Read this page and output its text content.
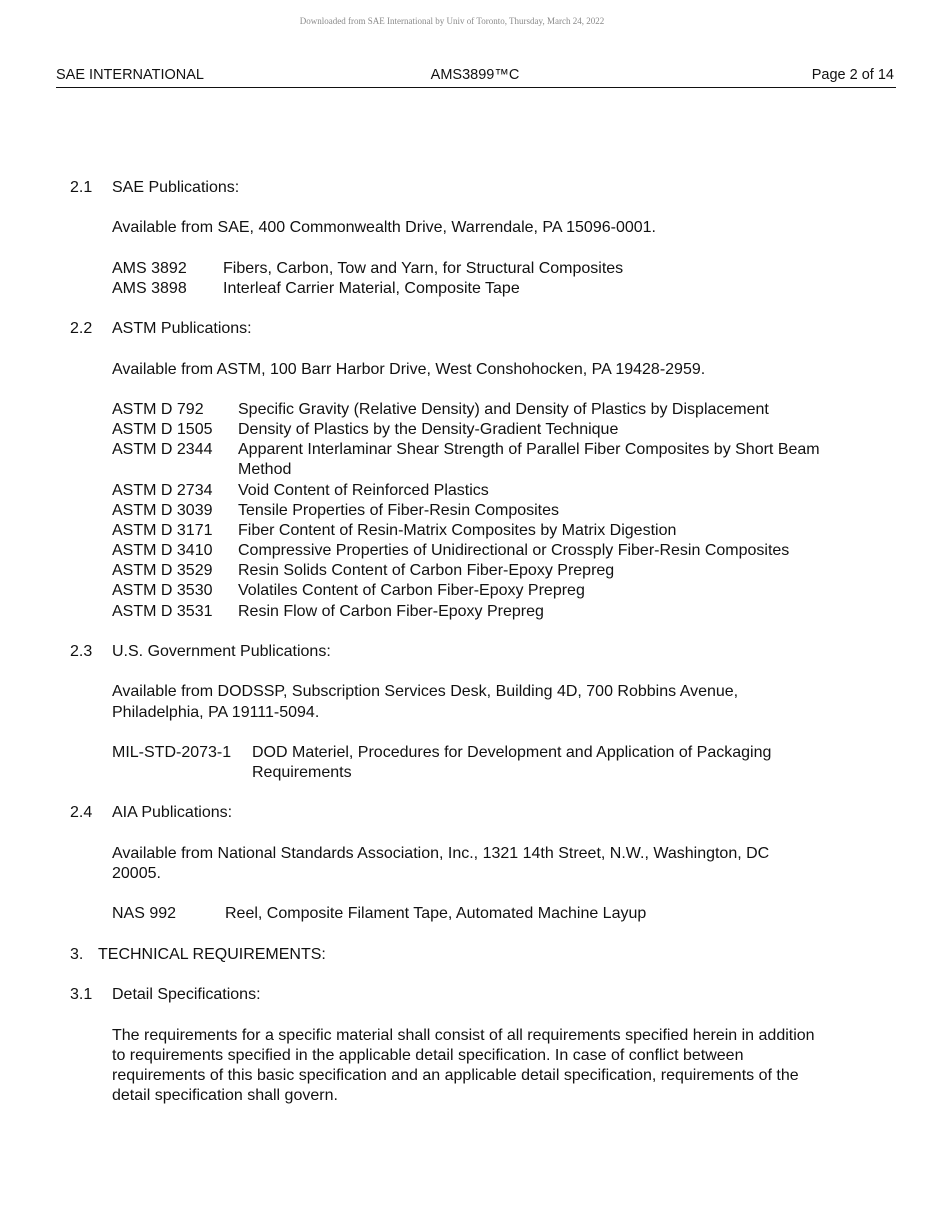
Downloaded from SAE International by Univ of Toronto, Thursday, March 24, 2022
SAE INTERNATIONAL	AMS3899™C	Page 2 of 14
2.1 SAE Publications:
Available from SAE, 400 Commonwealth Drive, Warrendale, PA 15096-0001.
AMS 3892 Fibers, Carbon, Tow and Yarn, for Structural Composites
AMS 3898 Interleaf Carrier Material, Composite Tape
2.2 ASTM Publications:
Available from ASTM, 100 Barr Harbor Drive, West Conshohocken, PA 19428-2959.
ASTM D 792 Specific Gravity (Relative Density) and Density of Plastics by Displacement
ASTM D 1505 Density of Plastics by the Density-Gradient Technique
ASTM D 2344 Apparent Interlaminar Shear Strength of Parallel Fiber Composites by Short Beam
Method
ASTM D 2734 Void Content of Reinforced Plastics
ASTM D 3039 Tensile Properties of Fiber-Resin Composites
ASTM D 3171 Fiber Content of Resin-Matrix Composites by Matrix Digestion
ASTM D 3410 Compressive Properties of Unidirectional or Crossply Fiber-Resin Composites
ASTM D 3529 Resin Solids Content of Carbon Fiber-Epoxy Prepreg
ASTM D 3530 Volatiles Content of Carbon Fiber-Epoxy Prepreg
ASTM D 3531 Resin Flow of Carbon Fiber-Epoxy Prepreg
2.3 U.S. Government Publications:
Available from DODSSP, Subscription Services Desk, Building 4D, 700 Robbins Avenue,
Philadelphia, PA 19111-5094.
MIL-STD-2073-1 DOD Materiel, Procedures for Development and Application of Packaging
Requirements
2.4 AIA Publications:
Available from National Standards Association, Inc., 1321 14th Street, N.W., Washington, DC
20005.
NAS 992	Reel, Composite Filament Tape, Automated Machine Layup
3. TECHNICAL REQUIREMENTS:
3.1 Detail Specifications:
The requirements for a specific material shall consist of all requirements specified herein in addition
to requirements specified in the applicable detail specification. In case of conflict between
requirements of this basic specification and an applicable detail specification, requirements of the
detail specification shall govern.
